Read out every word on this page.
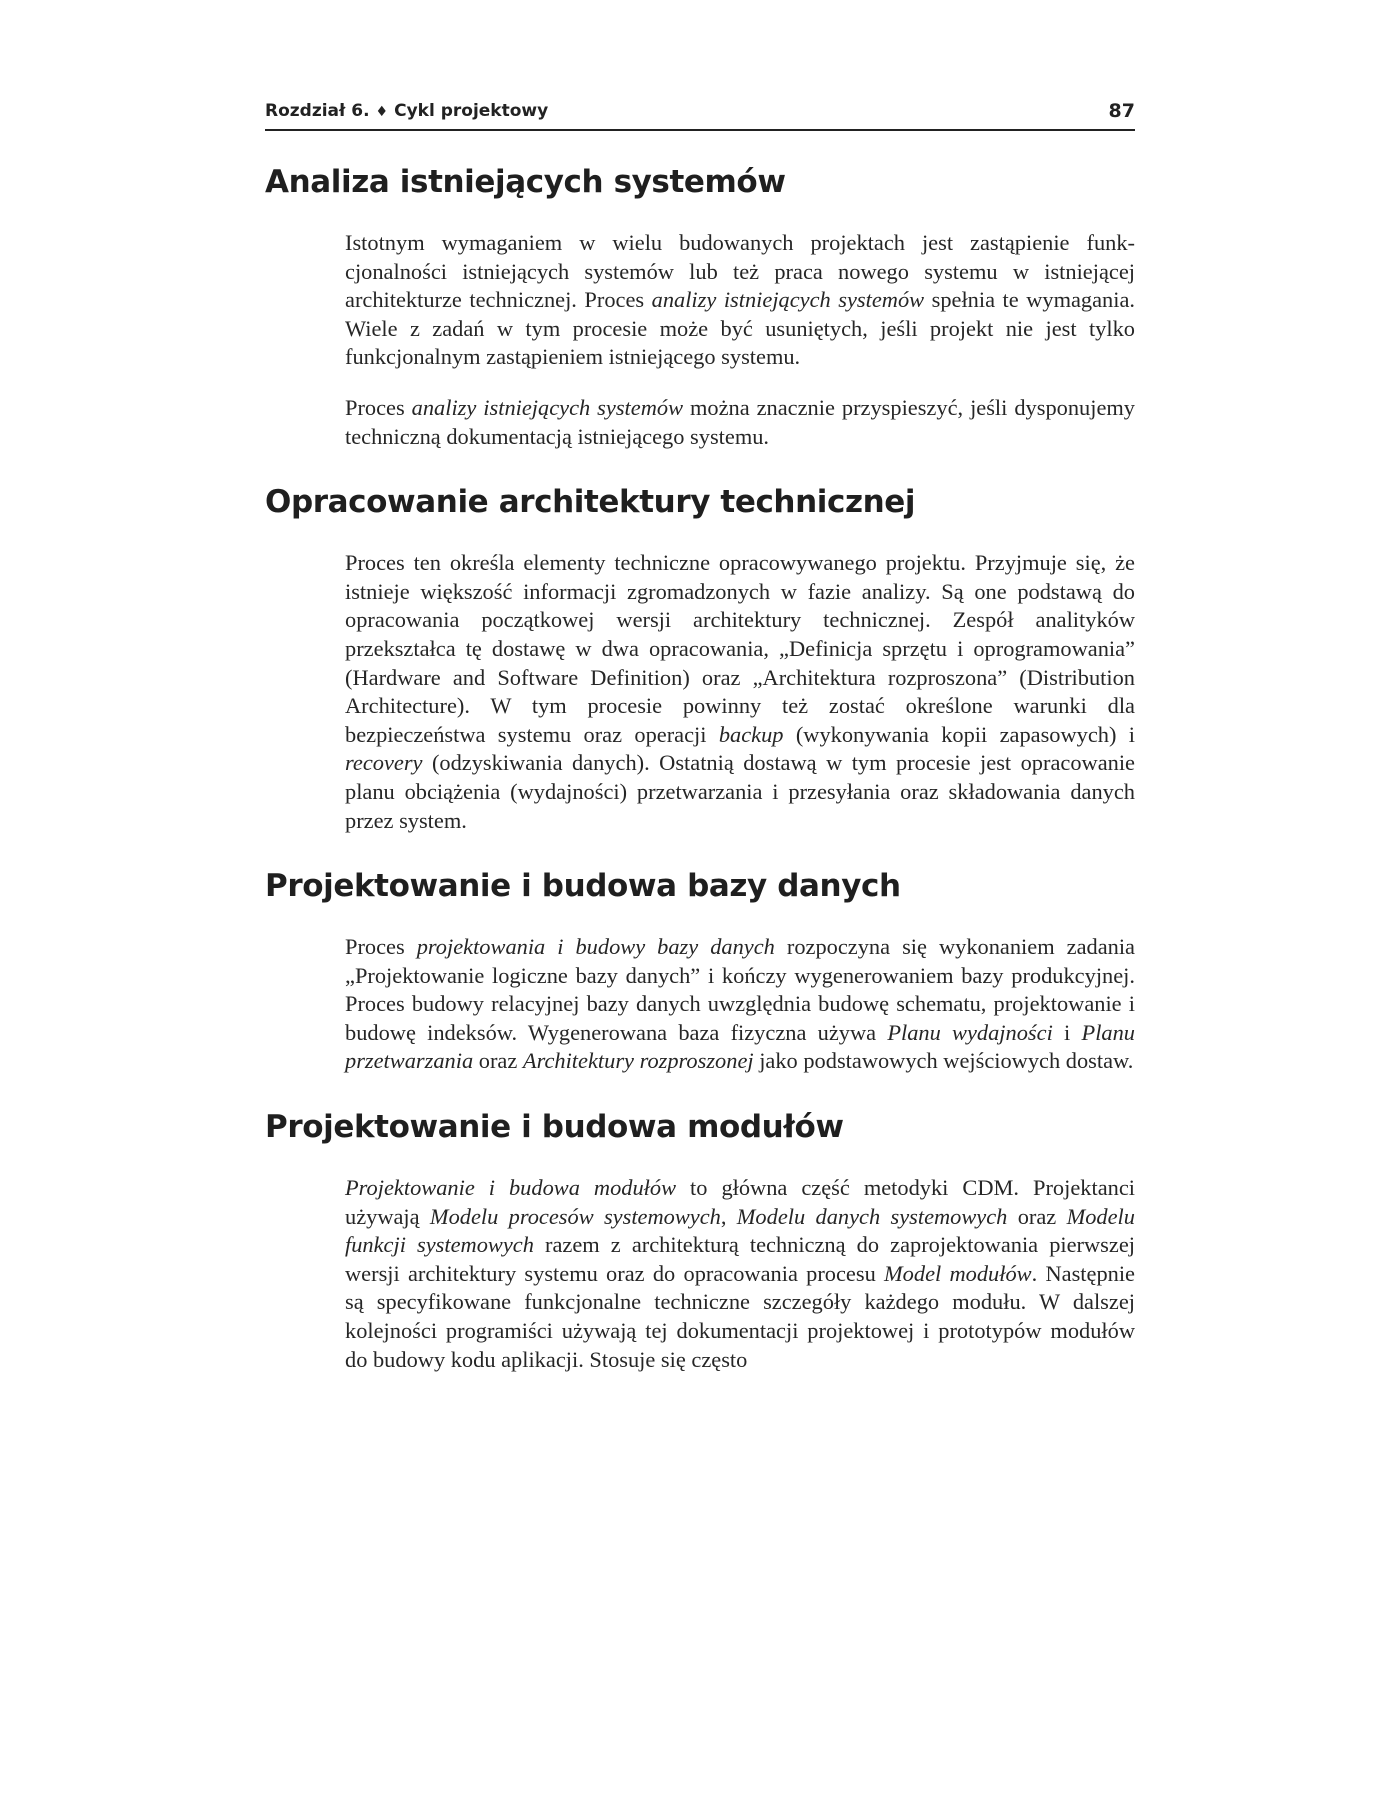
Rozdział 6. ♦ Cykl projektowy	87
Analiza istniejących systemów

Istotnym wymaganiem w wielu budowanych projektach jest zastąpienie funkcjonalności istniejących systemów lub też praca nowego systemu w istniejącej architekturze technicznej. Proces analizy istniejących systemów spełnia te wymagania. Wiele z zadań w tym procesie może być usuniętych, jeśli projekt nie jest tylko funkcjonalnym zastąpieniem istniejącego systemu.

Proces analizy istniejących systemów można znacznie przyspieszyć, jeśli dysponujemy techniczną dokumentacją istniejącego systemu.

Opracowanie architektury technicznej

Proces ten określa elementy techniczne opracowywanego projektu. Przyjmuje się, że istnieje większość informacji zgromadzonych w fazie analizy. Są one podstawą do opracowania początkowej wersji architektury technicznej. Zespół analityków przekształca tę dostawę w dwa opracowania, „Definicja sprzętu i oprogramowania” (Hardware and Software Definition) oraz „Architektura rozproszona” (Distribution Architecture). W tym procesie powinny też zostać określone warunki dla bezpieczeństwa systemu oraz operacji backup (wykonywania kopii zapasowych) i recovery (odzyskiwania danych). Ostatnią dostawą w tym procesie jest opracowanie planu obciążenia (wydajności) przetwarzania i przesyłania oraz składowania danych przez system.

Projektowanie i budowa bazy danych

Proces projektowania i budowy bazy danych rozpoczyna się wykonaniem zadania „Projektowanie logiczne bazy danych” i kończy wygenerowaniem bazy produkcyjnej. Proces budowy relacyjnej bazy danych uwzględnia budowę schematu, projektowanie i budowę indeksów. Wygenerowana baza fizyczna używa Planu wydajności i Planu przetwarzania oraz Architektury rozproszonej jako podstawowych wejściowych dostaw.

Projektowanie i budowa modułów

Projektowanie i budowa modułów to główna część metodyki CDM. Projektanci używają Modelu procesów systemowych, Modelu danych systemowych oraz Modelu funkcji systemowych razem z architekturą techniczną do zaprojektowania pierwszej wersji architektury systemu oraz do opracowania procesu Model modułów. Następnie są specyfikowane funkcjonalne techniczne szczegóły każdego modułu. W dalszej kolejności programiści używają tej dokumentacji projektowej i prototypów modułów do budowy kodu aplikacji. Stosuje się często
